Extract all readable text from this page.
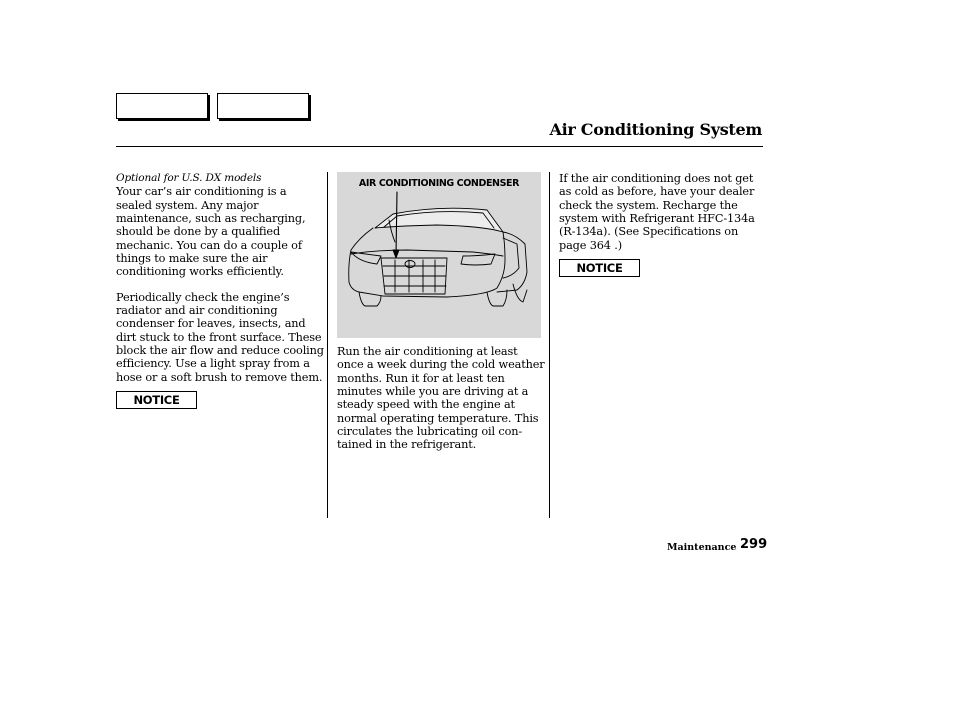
Air Conditioning System

Optional for U.S. DX models

Your car’s air conditioning is a sealed system. Any major maintenance, such as recharging, should be done by a qualified mechanic. You can do a couple of things to make sure the air conditioning works efficiently.

Periodically check the engine’s radiator and air conditioning condenser for leaves, insects, and dirt stuck to the front surface. These block the air flow and reduce cooling efficiency. Use a light spray from a hose or a soft brush to remove them.

NOTICE
AIR CONDITIONING CONDENSER

Run the air conditioning at least once a week during the cold weather months. Run it for at least ten minutes while you are driving at a steady speed with the engine at normal operating temperature. This circulates the lubricating oil con- tained in the refrigerant.

If the air conditioning does not get as cold as before, have your dealer check the system. Recharge the system with Refrigerant HFC-134a (R-134a). (See Specifications on page 364 .)

NOTICE
Maintenance 299
